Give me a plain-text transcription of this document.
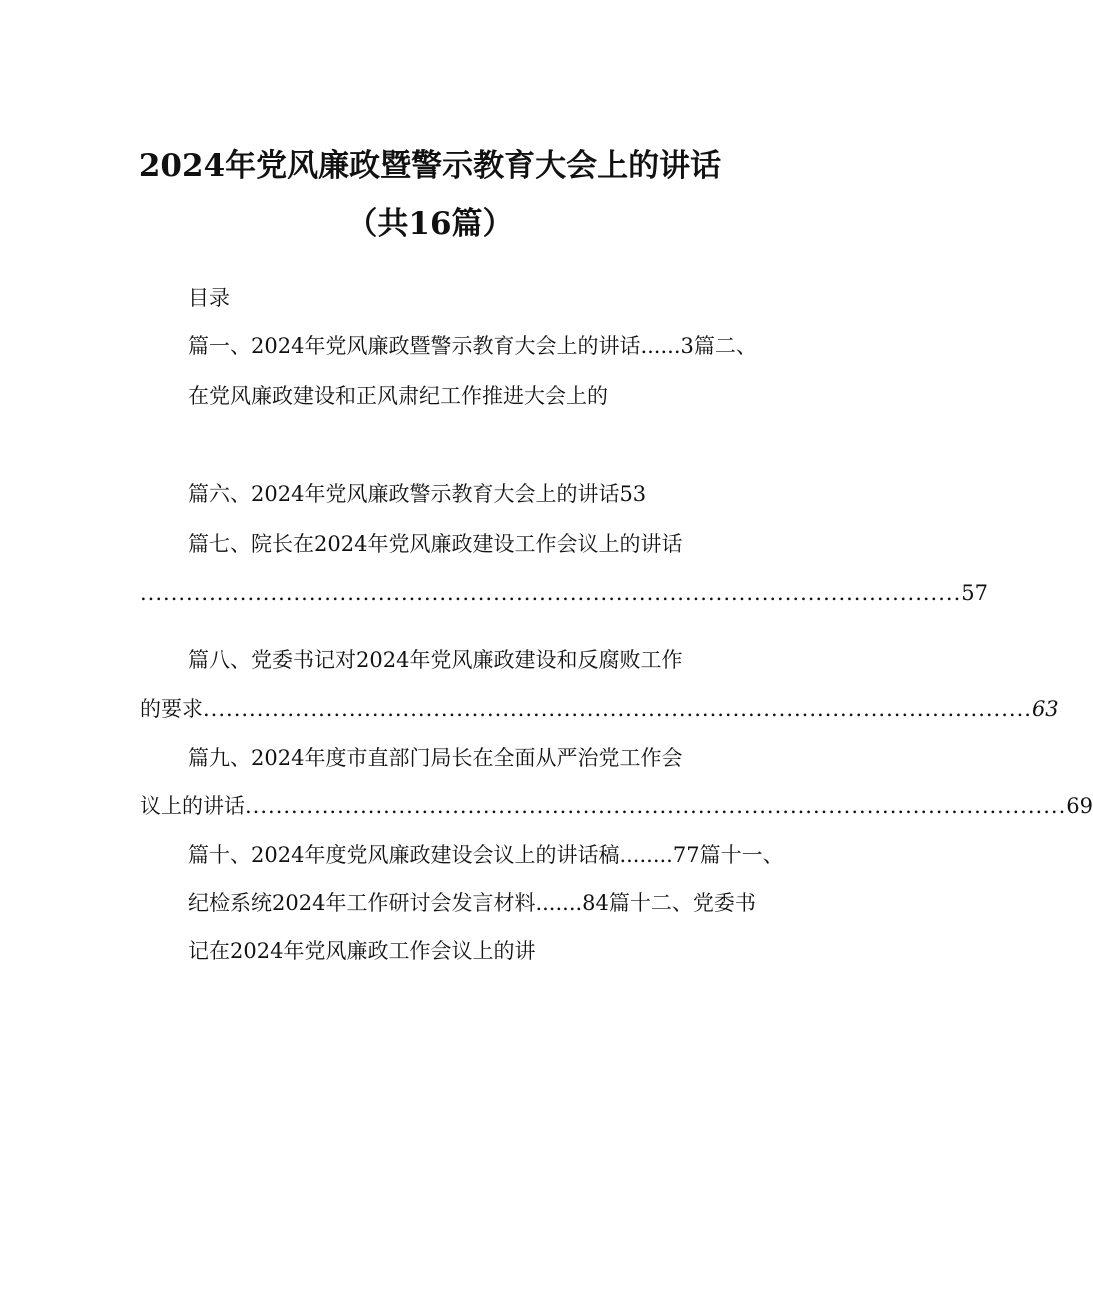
2024年党风廉政暨警示教育大会上的讲话
（共16篇）
目录
篇一、2024年党风廉政暨警示教育大会上的讲话......3篇二、
在党风廉政建设和正风肃纪工作推进大会上的
篇六、2024年党风廉政警示教育大会上的讲话53
篇七、院长在2024年党风廉政建设工作会议上的讲话
........................................................................................................... 57
篇八、党委书记对2024年党风廉政建设和反腐败工作
的要求 ............................................................................................................ 63
篇九、2024年度市直部门局长在全面从严治党工作会
议上的讲话 ........................................................................................................... 69
篇十、2024年度党风廉政建设会议上的讲话稿........77篇十一、
纪检系统2024年工作研讨会发言材料.......84篇十二、党委书
记在2024年党风廉政工作会议上的讲
